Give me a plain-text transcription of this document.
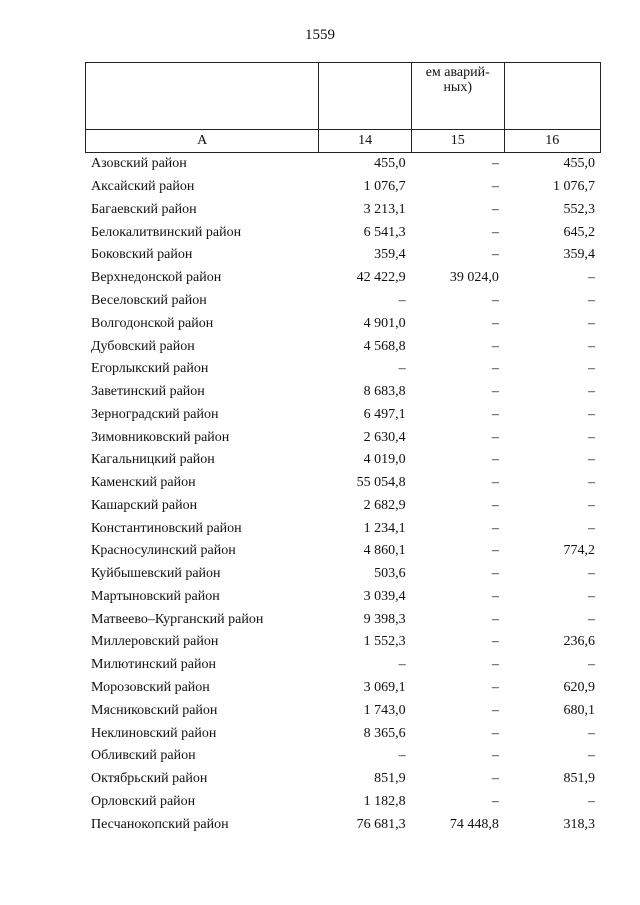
1559

		ем аварий-
ных)	

А	14	15	16
Азовский район	455,0	–	455,0
Аксайский район	1 076,7	–	1 076,7
Багаевский район	3 213,1	–	552,3
Белокалитвинский район	6 541,3	–	645,2
Боковский район	359,4	–	359,4
Верхнедонской район	42 422,9	39 024,0	–
Веселовский район	–	–	–
Волгодонской район	4 901,0	–	–
Дубовский район	4 568,8	–	–
Егорлыкский район	–	–	–
Заветинский район	8 683,8	–	–
Зерноградский район	6 497,1	–	–
Зимовниковский район	2 630,4	–	–
Кагальницкий район	4 019,0	–	–
Каменский район	55 054,8	–	–
Кашарский район	2 682,9	–	–
Константиновский район	1 234,1	–	–
Красносулинский район	4 860,1	–	774,2
Куйбышевский район	503,6	–	–
Мартыновский район	3 039,4	–	–
Матвеево–Курганский район	9 398,3	–	–
Миллеровский район	1 552,3	–	236,6
Милютинский район	–	–	–
Морозовский район	3 069,1	–	620,9
Мясниковский район	1 743,0	–	680,1
Неклиновский район	8 365,6	–	–
Обливский район	–	–	–
Октябрьский район	851,9	–	851,9
Орловский район	1 182,8	–	–
Песчанокопский район	76 681,3	74 448,8	318,3
